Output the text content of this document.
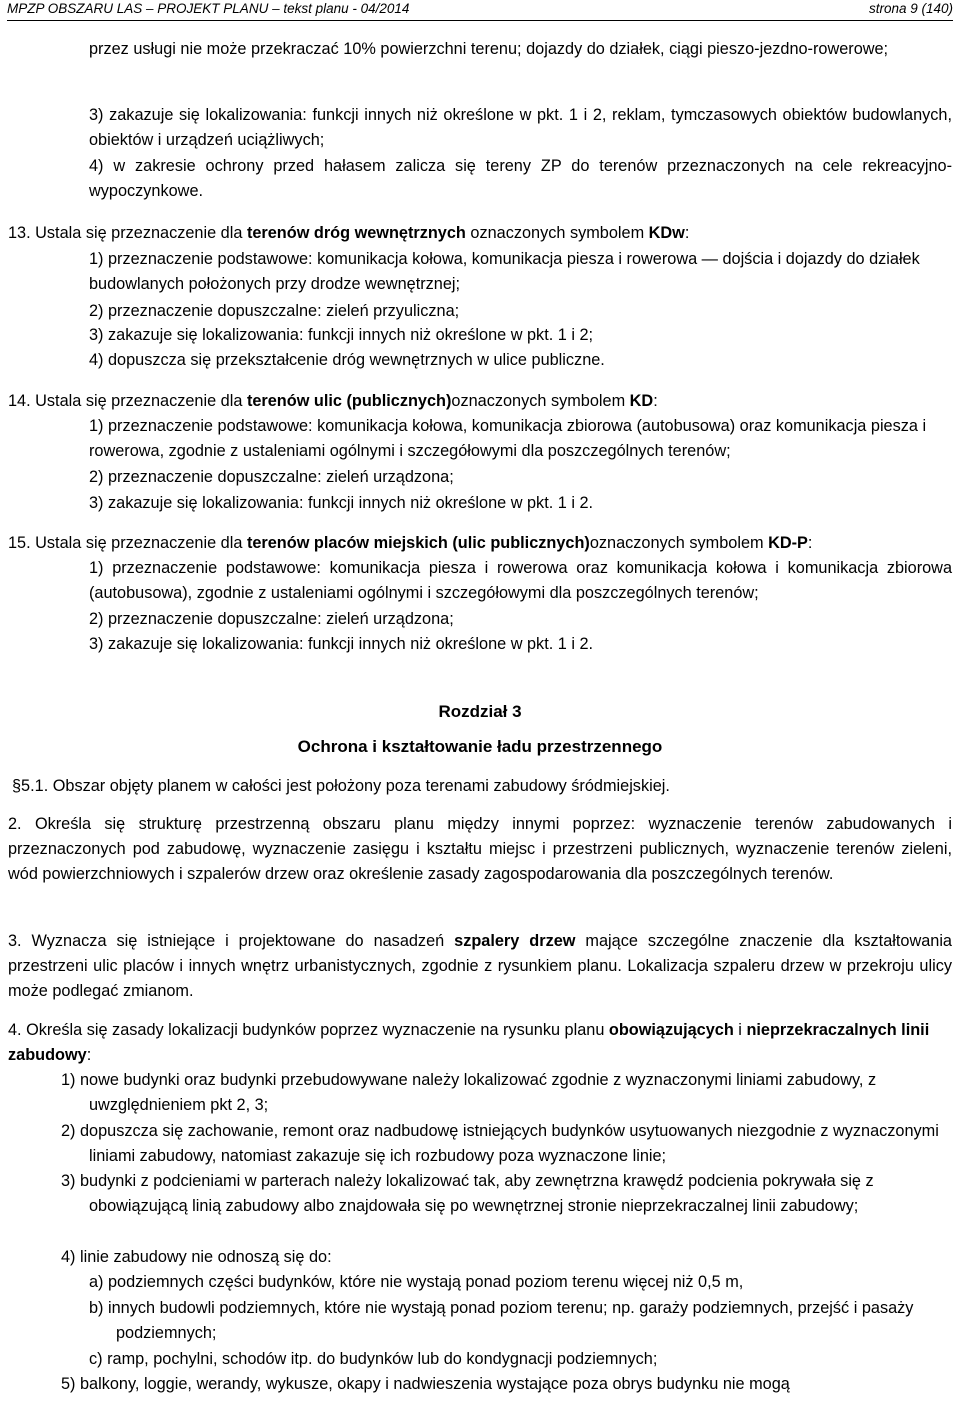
MPZP OBSZARU LAS – PROJEKT PLANU – tekst planu - 04/2014	strona 9 (140)
przez usługi nie może przekraczać 10% powierzchni terenu; dojazdy do działek, ciągi pieszo-jezdno-rowerowe;
3) zakazuje się lokalizowania: funkcji innych niż określone w pkt. 1 i 2, reklam, tymczasowych obiektów budowlanych, obiektów i urządzeń uciążliwych;
4) w zakresie ochrony przed hałasem zalicza się tereny ZP do terenów przeznaczonych na cele rekreacyjno-wypoczynkowe.
13. Ustala się przeznaczenie dla terenów dróg wewnętrznych oznaczonych symbolem KDw:
1) przeznaczenie podstawowe: komunikacja kołowa, komunikacja piesza i rowerowa — dojścia i dojazdy do działek budowlanych położonych przy drodze wewnętrznej;
2) przeznaczenie dopuszczalne: zieleń przyuliczna;
3) zakazuje się lokalizowania: funkcji innych niż określone w pkt. 1 i 2;
4) dopuszcza się przekształcenie dróg wewnętrznych w ulice publiczne.
14. Ustala się przeznaczenie dla terenów ulic (publicznych)oznaczonych symbolem KD:
1) przeznaczenie podstawowe: komunikacja kołowa, komunikacja zbiorowa (autobusowa) oraz komunikacja piesza i rowerowa, zgodnie z ustaleniami ogólnymi i szczegółowymi dla poszczególnych terenów;
2) przeznaczenie dopuszczalne: zieleń urządzona;
3) zakazuje się lokalizowania: funkcji innych niż określone w pkt. 1 i 2.
15. Ustala się przeznaczenie dla terenów placów miejskich (ulic publicznych)oznaczonych symbolem KD-P:
1) przeznaczenie podstawowe: komunikacja piesza i rowerowa oraz komunikacja kołowa i komunikacja zbiorowa (autobusowa), zgodnie z ustaleniami ogólnymi i szczegółowymi dla poszczególnych terenów;
2) przeznaczenie dopuszczalne: zieleń urządzona;
3) zakazuje się lokalizowania: funkcji innych niż określone w pkt. 1 i 2.
Rozdział 3
Ochrona i kształtowanie ładu przestrzennego
§5.1. Obszar objęty planem w całości jest położony poza terenami zabudowy śródmiejskiej.
2. Określa się strukturę przestrzenną obszaru planu między innymi poprzez: wyznaczenie terenów zabudowanych i przeznaczonych pod zabudowę, wyznaczenie zasięgu i kształtu miejsc i przestrzeni publicznych, wyznaczenie terenów zieleni, wód powierzchniowych i szpalerów drzew oraz określenie zasady zagospodarowania dla poszczególnych terenów.
3. Wyznacza się istniejące i projektowane do nasadzeń szpalery drzew mające szczególne znaczenie dla kształtowania przestrzeni ulic placów i innych wnętrz urbanistycznych, zgodnie z rysunkiem planu. Lokalizacja szpaleru drzew w przekroju ulicy może podlegać zmianom.
4. Określa się zasady lokalizacji budynków poprzez wyznaczenie na rysunku planu obowiązujących i nieprzekraczalnych linii zabudowy:
1) nowe budynki oraz budynki przebudowywane należy lokalizować zgodnie z wyznaczonymi liniami zabudowy, z uwzględnieniem pkt 2, 3;
2) dopuszcza się zachowanie, remont oraz nadbudowę istniejących budynków usytuowanych niezgodnie z wyznaczonymi liniami zabudowy, natomiast zakazuje się ich rozbudowy poza wyznaczone linie;
3) budynki z podcieniami w parterach należy lokalizować tak, aby zewnętrzna krawędź podcienia pokrywała się z obowiązującą linią zabudowy albo znajdowała się po wewnętrznej stronie nieprzekraczalnej linii zabudowy;
4) linie zabudowy nie odnoszą się do:
a) podziemnych części budynków, które nie wystają ponad poziom terenu więcej niż 0,5 m,
b) innych budowli podziemnych, które nie wystają ponad poziom terenu; np. garaży podziemnych, przejść i pasaży podziemnych;
c) ramp, pochylni, schodów itp. do budynków lub do kondygnacji podziemnych;
5) balkony, loggie, werandy, wykusze, okapy i nadwieszenia wystające poza obrys budynku nie mogą
